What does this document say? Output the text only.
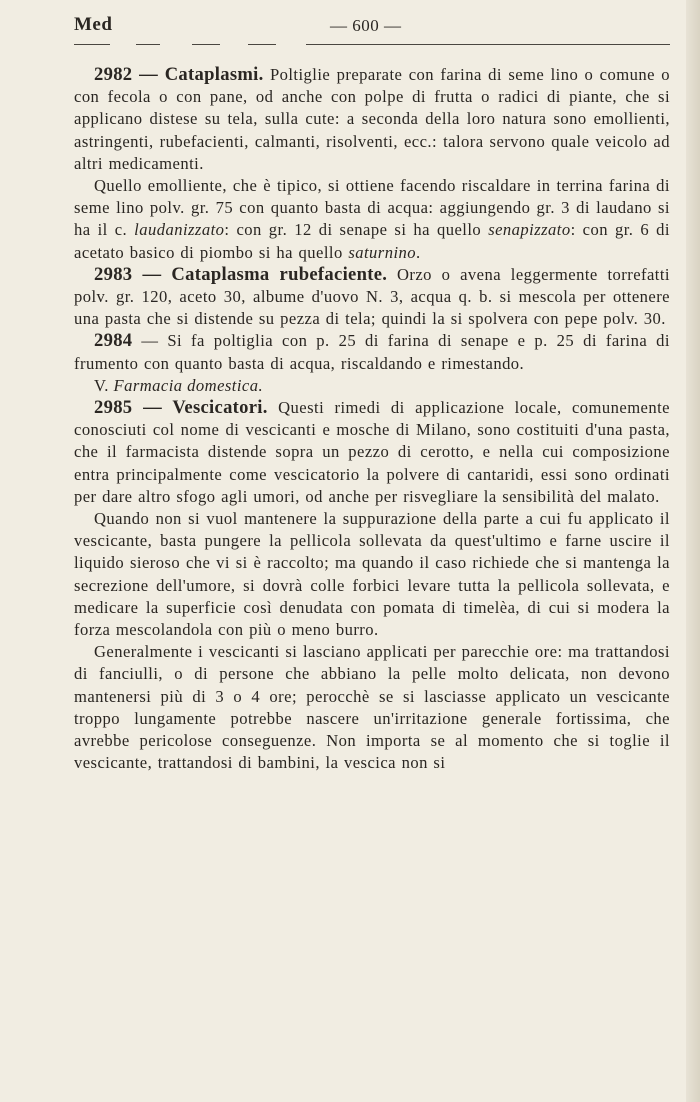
Med	— 600 —

2982 — Cataplasmi. Poltiglie preparate con farina di seme lino o comune o con fecola o con pane, od anche con polpe di frutta o radici di piante, che si applicano distese su tela, sulla cute: a seconda della loro natura sono emollienti, astringenti, rubefacienti, calmanti, risolventi, ecc.: talora servono quale veicolo ad altri medicamenti.

Quello emolliente, che è tipico, si ottiene facendo riscaldare in terrina farina di seme lino polv. gr. 75 con quanto basta di acqua: aggiungendo gr. 3 di laudano si ha il c. laudanizzato: con gr. 12 di senape si ha quello senapizzato: con gr. 6 di acetato basico di piombo si ha quello saturnino.

2983 — Cataplasma rubefaciente. Orzo o avena leggermente torrefatti polv. gr. 120, aceto 30, albume d'uovo N. 3, acqua q. b. si mescola per ottenere una pasta che si distende su pezza di tela; quindi la si spolvera con pepe polv. 30.

2984 — Si fa poltiglia con p. 25 di farina di senape e p. 25 di farina di frumento con quanto basta di acqua, riscaldando e rimestando.

V. Farmacia domestica.

2985 — Vescicatori. Questi rimedi di applicazione locale, comunemente conosciuti col nome di vescicanti e mosche di Milano, sono costituiti d'una pasta, che il farmacista distende sopra un pezzo di cerotto, e nella cui composizione entra principalmente come vescicatorio la polvere di cantaridi, essi sono ordinati per dare altro sfogo agli umori, od anche per risvegliare la sensibilità del malato.

Quando non si vuol mantenere la suppurazione della parte a cui fu applicato il vescicante, basta pungere la pellicola sollevata da quest'ultimo e farne uscire il liquido sieroso che vi si è raccolto; ma quando il caso richiede che si mantenga la secrezione dell'umore, si dovrà colle forbici levare tutta la pellicola sollevata, e medicare la superficie così denudata con pomata di timelèa, di cui si modera la forza mescolandola con più o meno burro.

Generalmente i vescicanti si lasciano applicati per parecchie ore: ma trattandosi di fanciulli, o di persone che abbiano la pelle molto delicata, non devono mantenersi più di 3 o 4 ore; perocchè se si lasciasse applicato un vescicante troppo lungamente potrebbe nascere un'irritazione generale fortissima, che avrebbe pericolose conseguenze. Non importa se al momento che si toglie il vescicante, trattandosi di bambini, la vescica non si
